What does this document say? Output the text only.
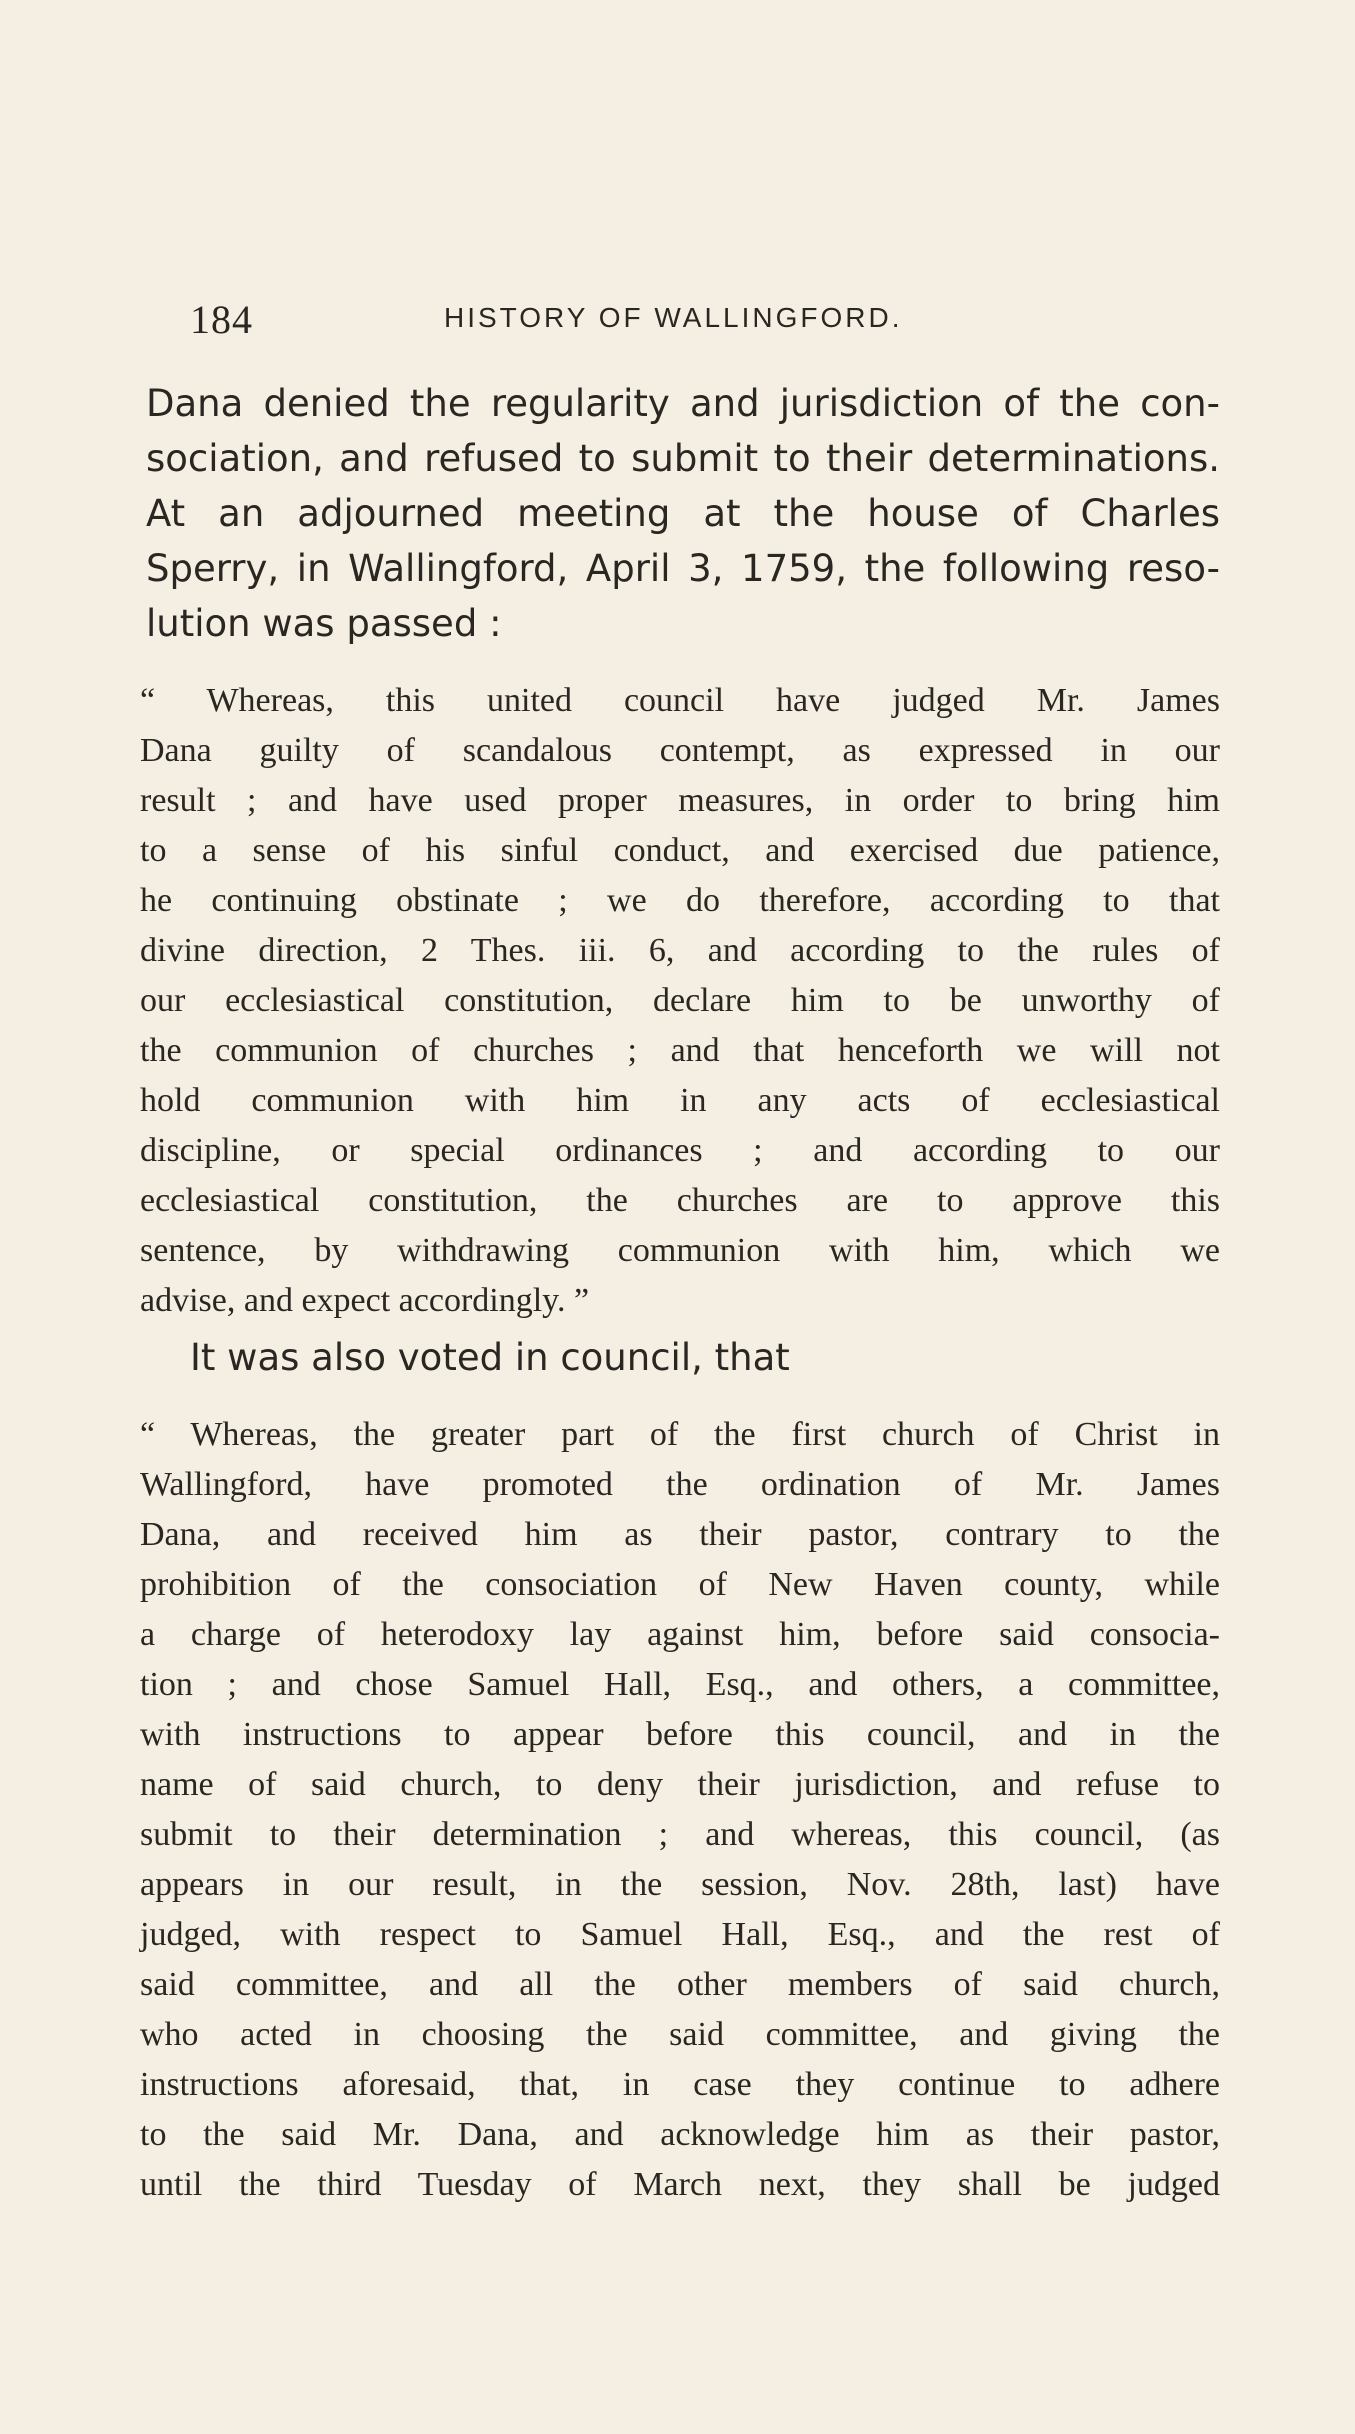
184	HISTORY OF WALLINGFORD.
Dana denied the regularity and jurisdiction of the con-
sociation, and refused to submit to their determinations.
At an adjourned meeting at the house of Charles
Sperry, in Wallingford, April 3, 1759, the following reso-
lution was passed :
“ Whereas, this united council have judged Mr. James
Dana guilty of scandalous contempt, as expressed in our
result ; and have used proper measures, in order to bring him
to a sense of his sinful conduct, and exercised due patience,
he continuing obstinate ; we do therefore, according to that
divine direction, 2 Thes. iii. 6, and according to the rules of
our ecclesiastical constitution, declare him to be unworthy of
the communion of churches ; and that henceforth we will not
hold communion with him in any acts of ecclesiastical
discipline, or special ordinances ; and according to our
ecclesiastical constitution, the churches are to approve this
sentence, by withdrawing communion with him, which we
advise, and expect accordingly. ”
It was also voted in council, that
“ Whereas, the greater part of the first church of Christ in
Wallingford, have promoted the ordination of Mr. James
Dana, and received him as their pastor, contrary to the
prohibition of the consociation of New Haven county, while
a charge of heterodoxy lay against him, before said consocia-
tion ; and chose Samuel Hall, Esq., and others, a committee,
with instructions to appear before this council, and in the
name of said church, to deny their jurisdiction, and refuse to
submit to their determination ; and whereas, this council, (as
appears in our result, in the session, Nov. 28th, last) have
judged, with respect to Samuel Hall, Esq., and the rest of
said committee, and all the other members of said church,
who acted in choosing the said committee, and giving the
instructions aforesaid, that, in case they continue to adhere
to the said Mr. Dana, and acknowledge him as their pastor,
until the third Tuesday of March next, they shall be judged
